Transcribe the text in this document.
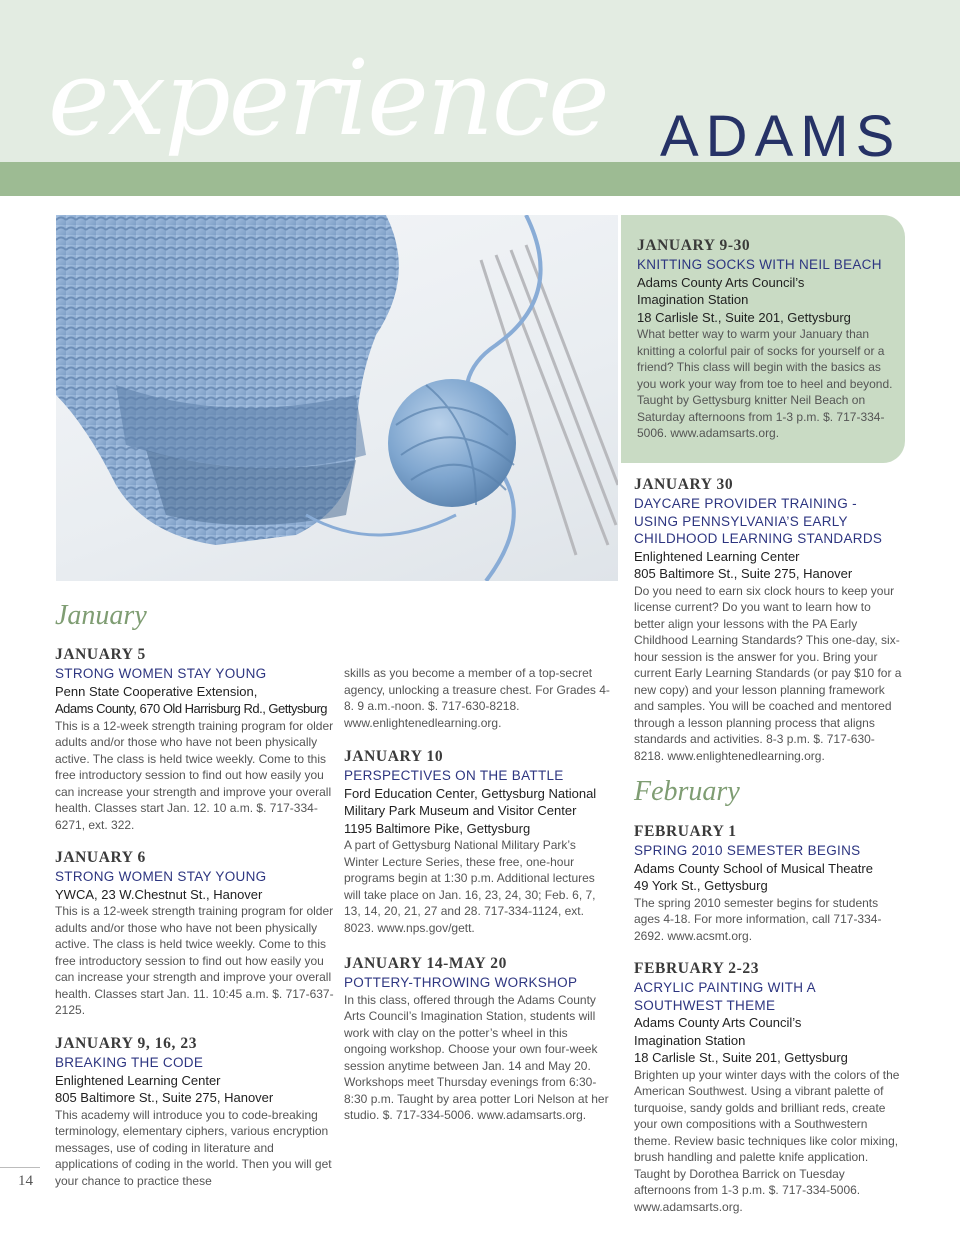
experience ADAMS
JANUARY 9-30
KNITTING SOCKS WITH NEIL BEACH
Adams County Arts Council’s
Imagination Station
18 Carlisle St., Suite 201, Gettysburg

What better way to warm your January than knitting a colorful pair of socks for yourself or a friend? This class will begin with the basics as you work your way from toe to heel and beyond. Taught by Gettysburg knitter Neil Beach on Saturday afternoons from 1-3 p.m. $. 717-334-5006. www.adamsarts.org.

January
February
JANUARY 5
STRONG WOMEN STAY YOUNG
Penn State Cooperative Extension,
Adams County, 670 Old Harrisburg Rd., Gettysburg

This is a 12-week strength training program for older adults and/or those who have not been physically active. The class is held twice weekly. Come to this free introductory session to find out how easily you can increase your strength and improve your overall health. Classes start Jan. 12. 10 a.m. $. 717-334-6271, ext. 322.

JANUARY 6
STRONG WOMEN STAY YOUNG
YWCA, 23 W.Chestnut St., Hanover

This is a 12-week strength training program for older adults and/or those who have not been physically active. The class is held twice weekly. Come to this free introductory session to find out how easily you can increase your strength and improve your overall health. Classes start Jan. 11. 10:45 a.m. $. 717-637-2125.

JANUARY 9, 16, 23
BREAKING THE CODE
Enlightened Learning Center
805 Baltimore St., Suite 275, Hanover

This academy will introduce you to code-breaking terminology, elementary ciphers, various encryption messages, use of coding in literature and applications of coding in the world. Then you will get your chance to practice these

skills as you become a member of a top-secret agency, unlocking a treasure chest. For Grades 4-8. 9 a.m.-noon. $. 717-630-8218. www.enlightenedlearning.org.

JANUARY 10
PERSPECTIVES ON THE BATTLE
Ford Education Center, Gettysburg National
Military Park Museum and Visitor Center
1195 Baltimore Pike, Gettysburg

A part of Gettysburg National Military Park’s Winter Lecture Series, these free, one-hour programs begin at 1:30 p.m. Additional lectures will take place on Jan. 16, 23, 24, 30; Feb. 6, 7, 13, 14, 20, 21, 27 and 28. 717-334-1124, ext. 8023. www.nps.gov/gett.

JANUARY 14-MAY 20
POTTERY-THROWING WORKSHOP

In this class, offered through the Adams County Arts Council’s Imagination Station, students will work with clay on the potter’s wheel in this ongoing workshop. Choose your own four-week session anytime between Jan. 14 and May 20. Workshops meet Thursday evenings from 6:30-8:30 p.m. Taught by area potter Lori Nelson at her studio. $. 717-334-5006. www.adamsarts.org.

JANUARY 30
DAYCARE PROVIDER TRAINING - USING PENNSYLVANIA’S EARLY CHILDHOOD LEARNING STANDARDS
Enlightened Learning Center
805 Baltimore St., Suite 275, Hanover

Do you need to earn six clock hours to keep your license current? Do you want to learn how to better align your lessons with the PA Early Childhood Learning Standards? This one-day, six-hour session is the answer for you. Bring your current Early Learning Standards (or pay $10 for a new copy) and your lesson planning framework and samples. You will be coached and mentored through a lesson planning process that aligns standards and activities. 8-3 p.m. $. 717-630-8218. www.enlightenedlearning.org.

FEBRUARY 1
SPRING 2010 SEMESTER BEGINS
Adams County School of Musical Theatre
49 York St., Gettysburg

The spring 2010 semester begins for students ages 4-18. For more information, call 717-334-2692. www.acsmt.org.

FEBRUARY 2-23
ACRYLIC PAINTING WITH A SOUTHWEST THEME
Adams County Arts Council’s
Imagination Station
18 Carlisle St., Suite 201, Gettysburg

Brighten up your winter days with the colors of the American Southwest. Using a vibrant palette of turquoise, sandy golds and brilliant reds, create your own compositions with a Southwestern theme. Review basic techniques like color mixing, brush handling and palette knife application. Taught by Dorothea Barrick on Tuesday afternoons from 1-3 p.m. $. 717-334-5006. www.adamsarts.org.

14
